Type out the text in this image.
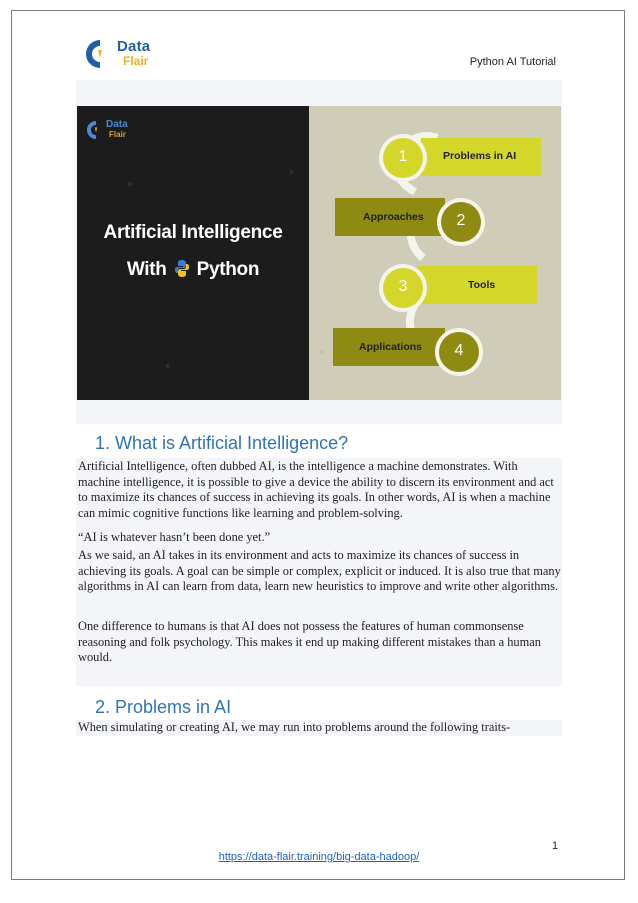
Data
Flair	Python AI Tutorial
Data
Flair
◆
◆
◆
◆
Artificial Intelligence
With Python
1	Problems in AI
2
Approaches
3	Tools
4
Applications
1. What is Artificial Intelligence?

Artificial Intelligence, often dubbed AI, is the intelligence a machine demonstrates. With machine intelligence, it is possible to give a device the ability to discern its environment and act to maximize its chances of success in achieving its goals. In other words, AI is when a machine can mimic cognitive functions like learning and problem-solving.

“AI is whatever hasn’t been done yet.”

As we said, an AI takes in its environment and acts to maximize its chances of success in achieving its goals. A goal can be simple or complex, explicit or induced. It is also true that many algorithms in AI can learn from data, learn new heuristics to improve and write other algorithms.

One difference to humans is that AI does not possess the features of human commonsense reasoning and folk psychology. This makes it end up making different mistakes than a human would.

2. Problems in AI

When simulating or creating AI, we may run into problems around the following traits-

1
https://data-flair.training/big-data-hadoop/
